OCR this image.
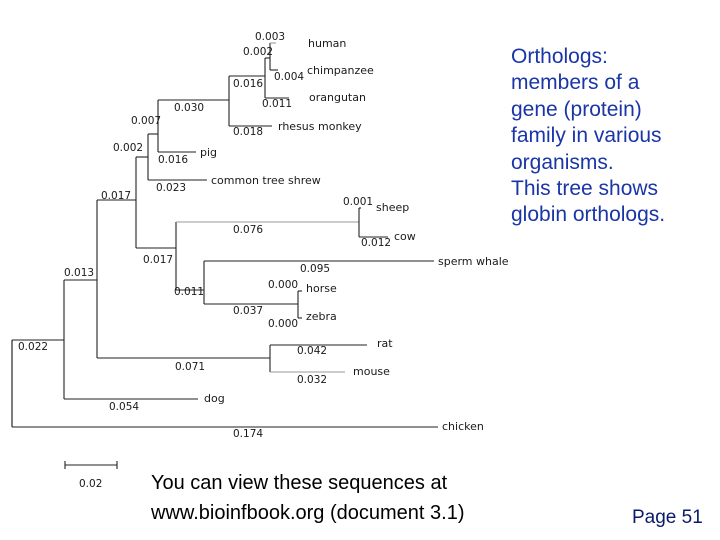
human
chimpanzee
orangutan
rhesus monkey
pig
common tree shrew
sheep
cow
sperm whale
horse
zebra
rat
mouse
dog
chicken
0.003
0.002
0.004
0.016
0.011
0.030
0.018
0.007
0.016
0.002
0.023
0.017	0.001
0.076
0.012
0.017
0.095
0.011
0.000
0.037
0.000
0.013
0.042
0.071
0.032
0.054
0.022
0.174
0.02
Orthologs:
members of a
gene (protein)
family in various
organisms.
This tree shows
globin orthologs.
You can view these sequences at
www.bioinfbook.org (document 3.1)	Page 51
